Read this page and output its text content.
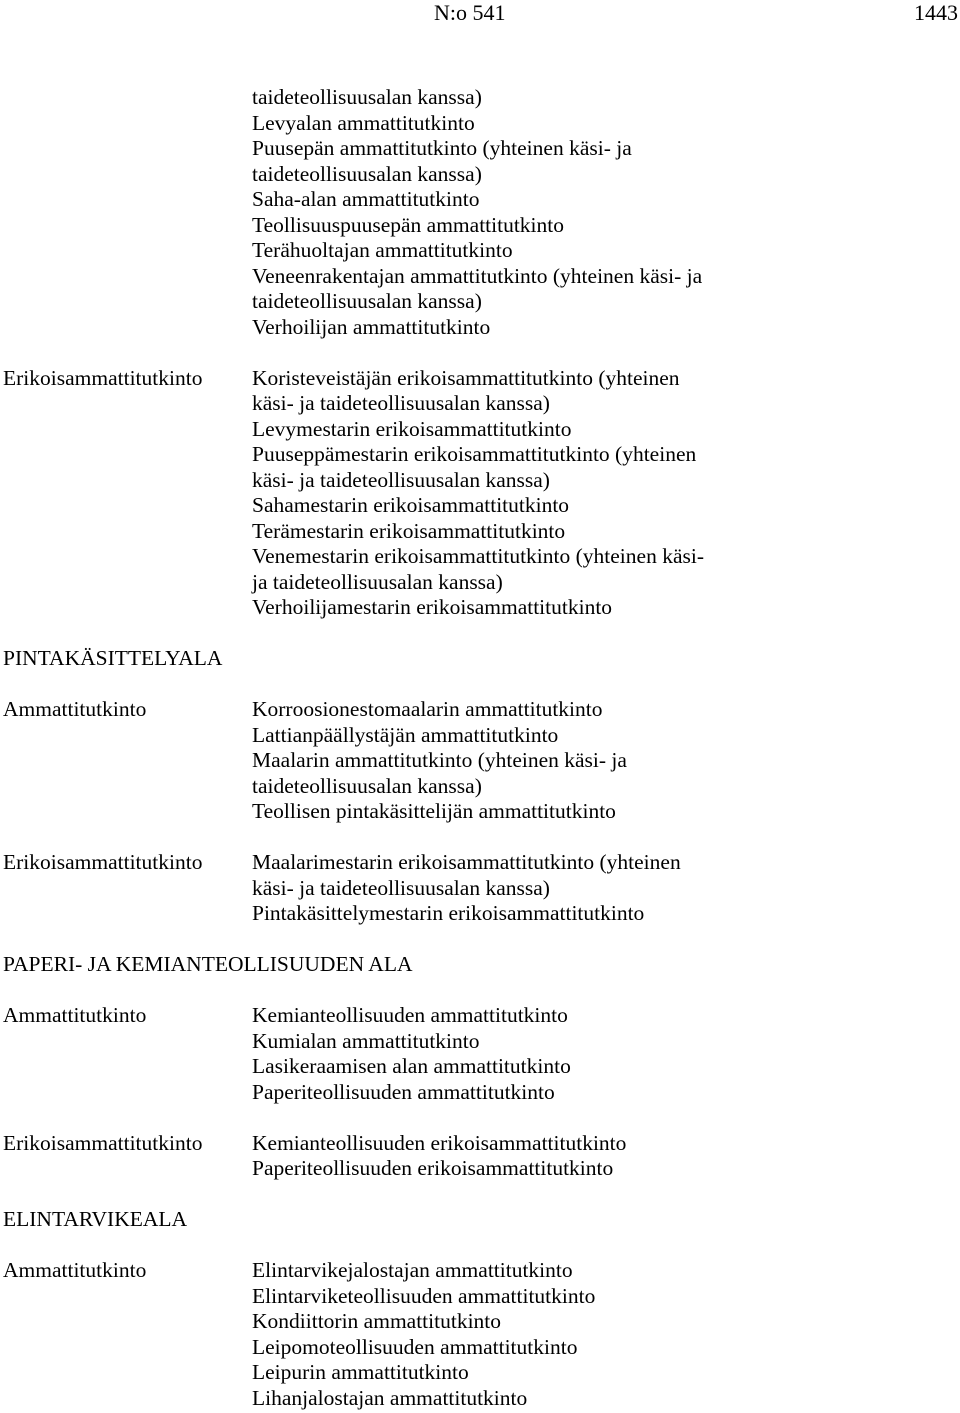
N:o 541	1443
taideteollisuusalan kanssa)
Levyalan ammattitutkinto
Puusepän ammattitutkinto (yhteinen käsi- ja
taideteollisuusalan kanssa)
Saha-alan ammattitutkinto
Teollisuuspuusepän ammattitutkinto
Terähuoltajan ammattitutkinto
Veneenrakentajan ammattitutkinto (yhteinen käsi- ja
taideteollisuusalan kanssa)
Verhoilijan ammattitutkinto
Erikoisammattitutkinto	Koristeveistäjän erikoisammattitutkinto (yhteinen
käsi- ja taideteollisuusalan kanssa)
Levymestarin erikoisammattitutkinto
Puuseppämestarin erikoisammattitutkinto (yhteinen
käsi- ja taideteollisuusalan kanssa)
Sahamestarin erikoisammattitutkinto
Terämestarin erikoisammattitutkinto
Venemestarin erikoisammattitutkinto (yhteinen käsi-
ja taideteollisuusalan kanssa)
Verhoilijamestarin erikoisammattitutkinto
PINTAKÄSITTELYALA
Ammattitutkinto	Korroosionestomaalarin ammattitutkinto
Lattianpäällystäjän ammattitutkinto
Maalarin ammattitutkinto (yhteinen käsi- ja
taideteollisuusalan kanssa)
Teollisen pintakäsittelijän ammattitutkinto
Erikoisammattitutkinto	Maalarimestarin erikoisammattitutkinto (yhteinen
käsi- ja taideteollisuusalan kanssa)
Pintakäsittelymestarin erikoisammattitutkinto
PAPERI- JA KEMIANTEOLLISUUDEN ALA
Ammattitutkinto	Kemianteollisuuden ammattitutkinto
Kumialan ammattitutkinto
Lasikeraamisen alan ammattitutkinto
Paperiteollisuuden ammattitutkinto
Erikoisammattitutkinto	Kemianteollisuuden erikoisammattitutkinto
Paperiteollisuuden erikoisammattitutkinto
ELINTARVIKEALA
Ammattitutkinto	Elintarvikejalostajan ammattitutkinto
Elintarviketeollisuuden ammattitutkinto
Kondiittorin ammattitutkinto
Leipomoteollisuuden ammattitutkinto
Leipurin ammattitutkinto
Lihanjalostajan ammattitutkinto
